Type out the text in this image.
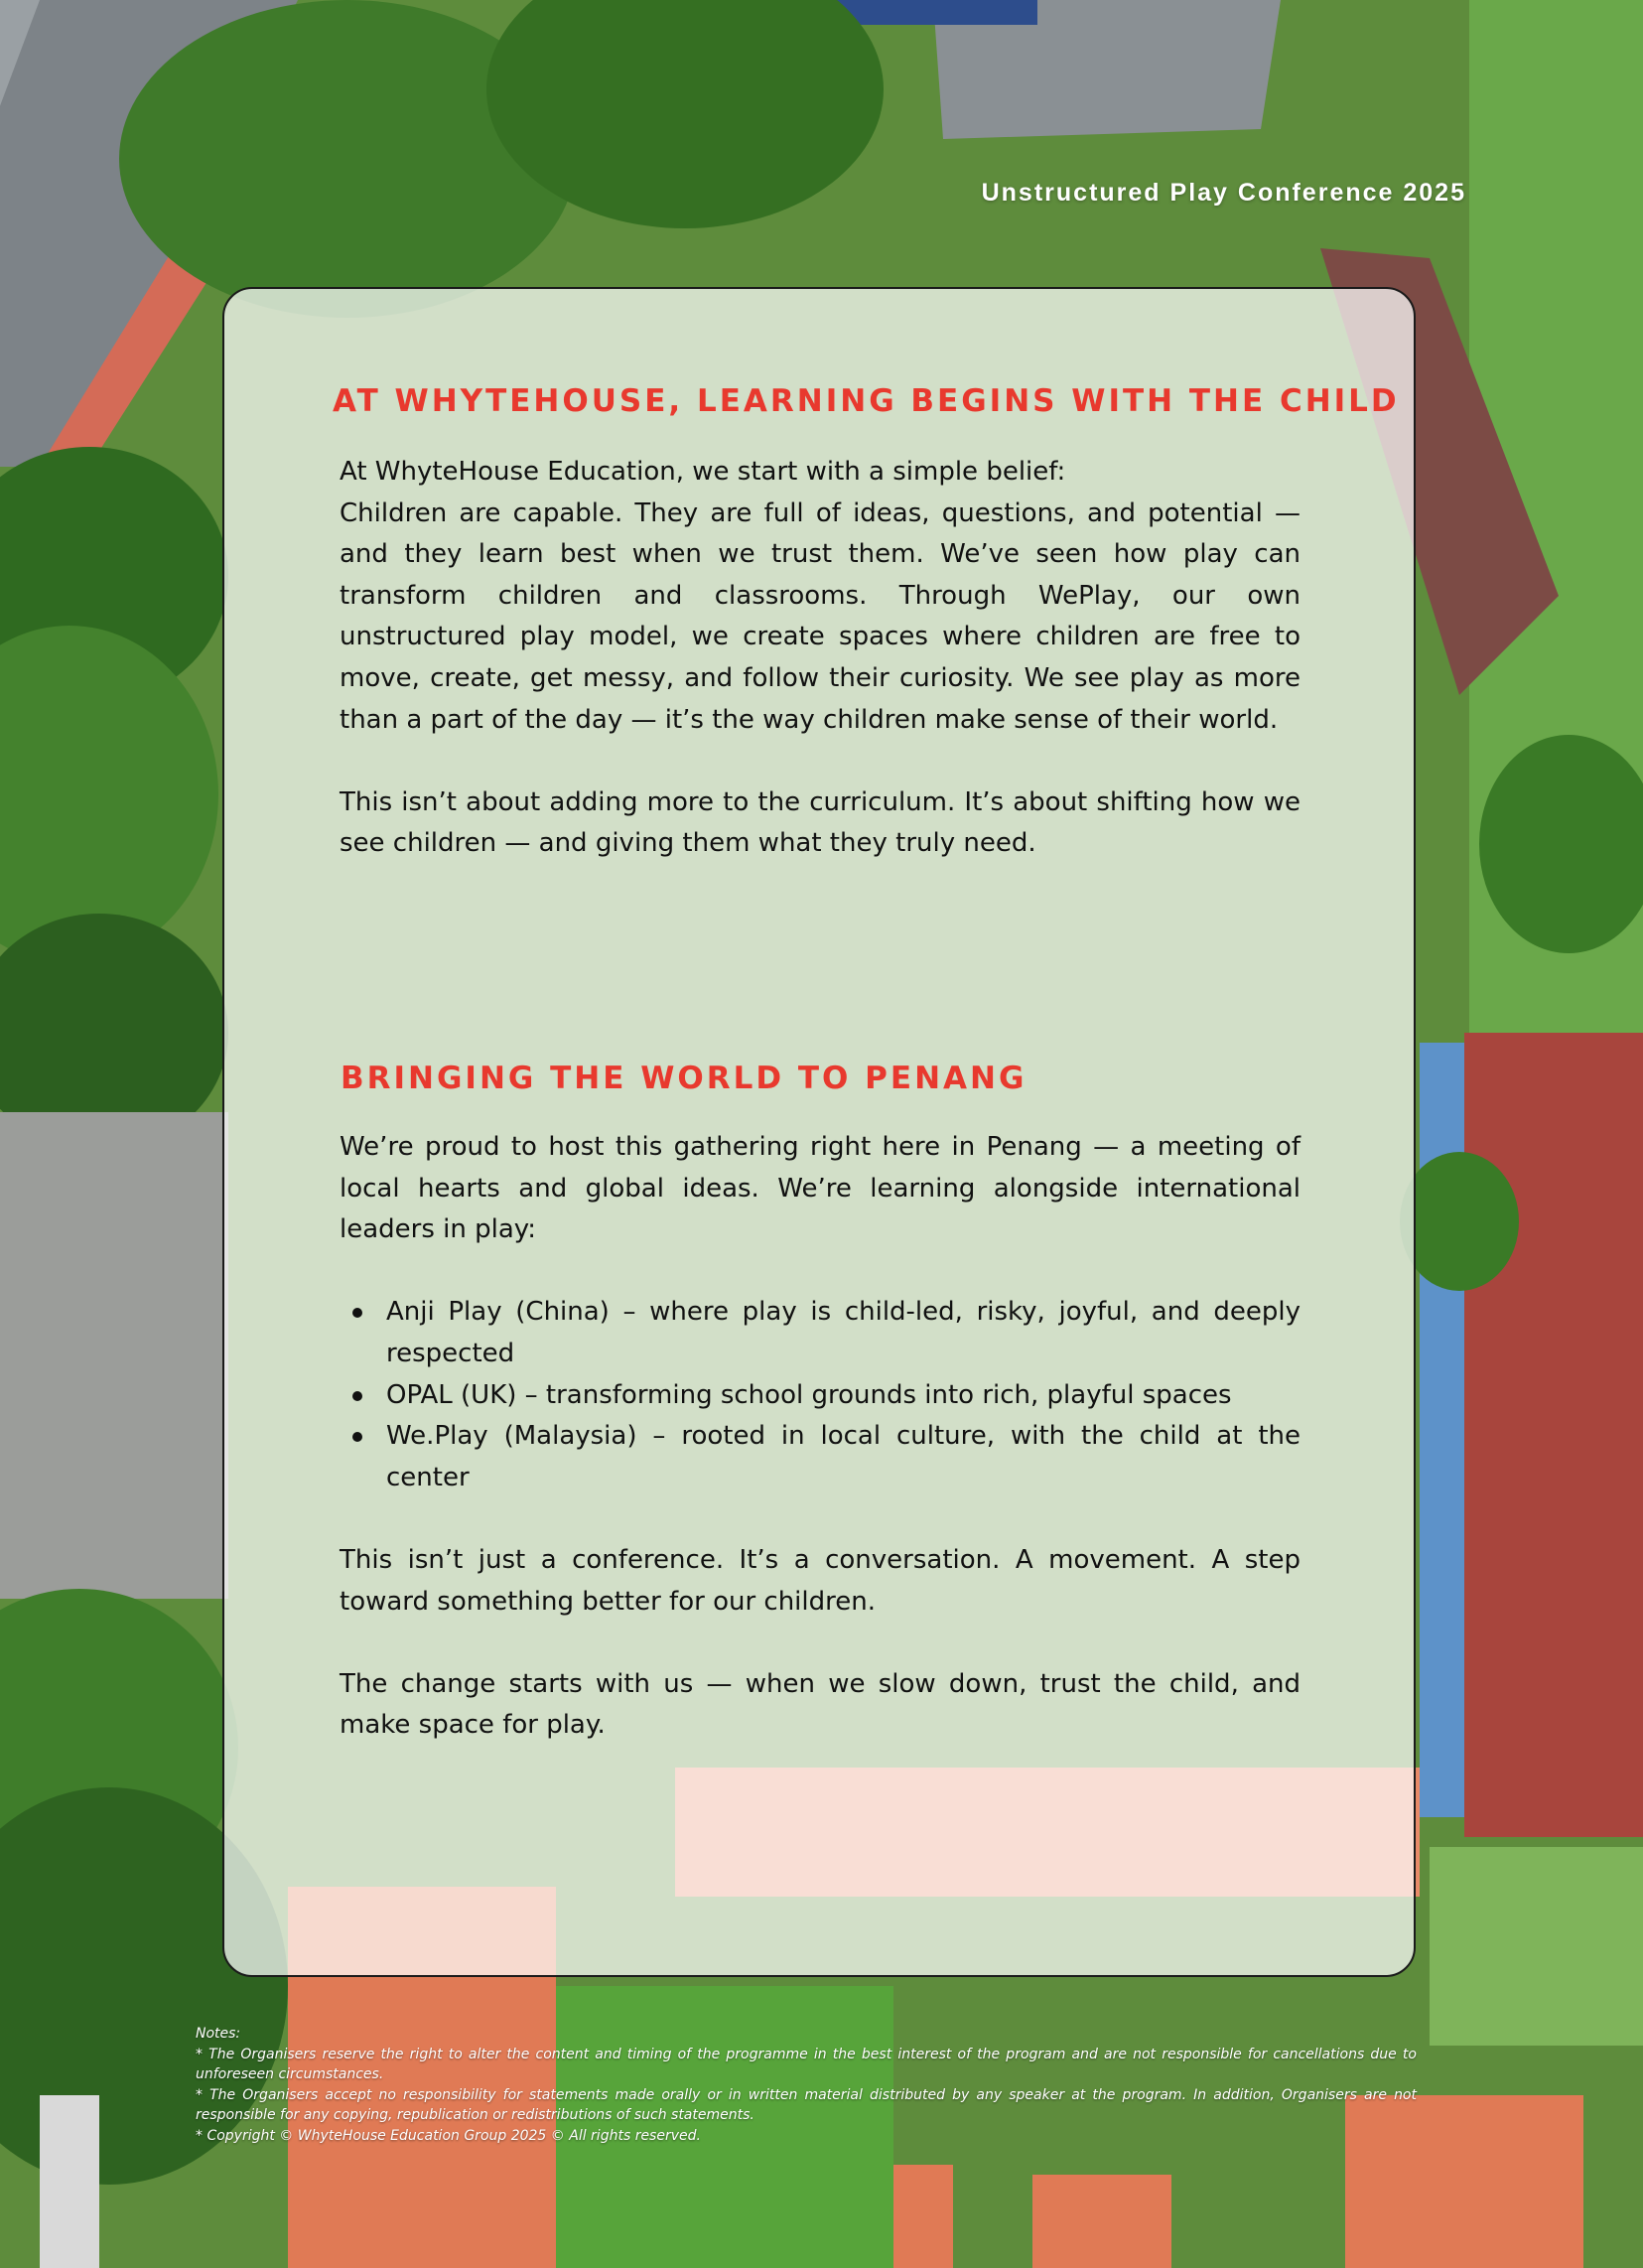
Unstructured Play Conference 2025
AT WHYTEHOUSE, LEARNING BEGINS WITH THE CHILD

At WhyteHouse Education, we start with a simple belief:

Children are capable. They are full of ideas, questions, and potential — and they learn best when we trust them. We’ve seen how play can transform children and classrooms. Through WePlay, our own unstructured play model, we create spaces where children are free to move, create, get messy, and follow their curiosity. We see play as more than a part of the day — it’s the way children make sense of their world.

This isn’t about adding more to the curriculum. It’s about shifting how we see children — and giving them what they truly need.

BRINGING THE WORLD TO PENANG

We’re proud to host this gathering right here in Penang — a meeting of local hearts and global ideas. We’re learning alongside international leaders in play:

Anji Play (China) – where play is child-led, risky, joyful, and deeply respected
OPAL (UK) – transforming school grounds into rich, playful spaces
We.Play (Malaysia) – rooted in local culture, with the child at the center

This isn’t just a conference. It’s a conversation. A movement. A step toward something better for our children.

The change starts with us — when we slow down, trust the child, and make space for play.

Notes:
* The Organisers reserve the right to alter the content and timing of the programme in the best interest of the program and are not responsible for cancellations due to unforeseen circumstances.
* The Organisers accept no responsibility for statements made orally or in written material distributed by any speaker at the program. In addition, Organisers are not responsible for any copying, republication or redistributions of such statements.
* Copyright © WhyteHouse Education Group 2025 © All rights reserved.
